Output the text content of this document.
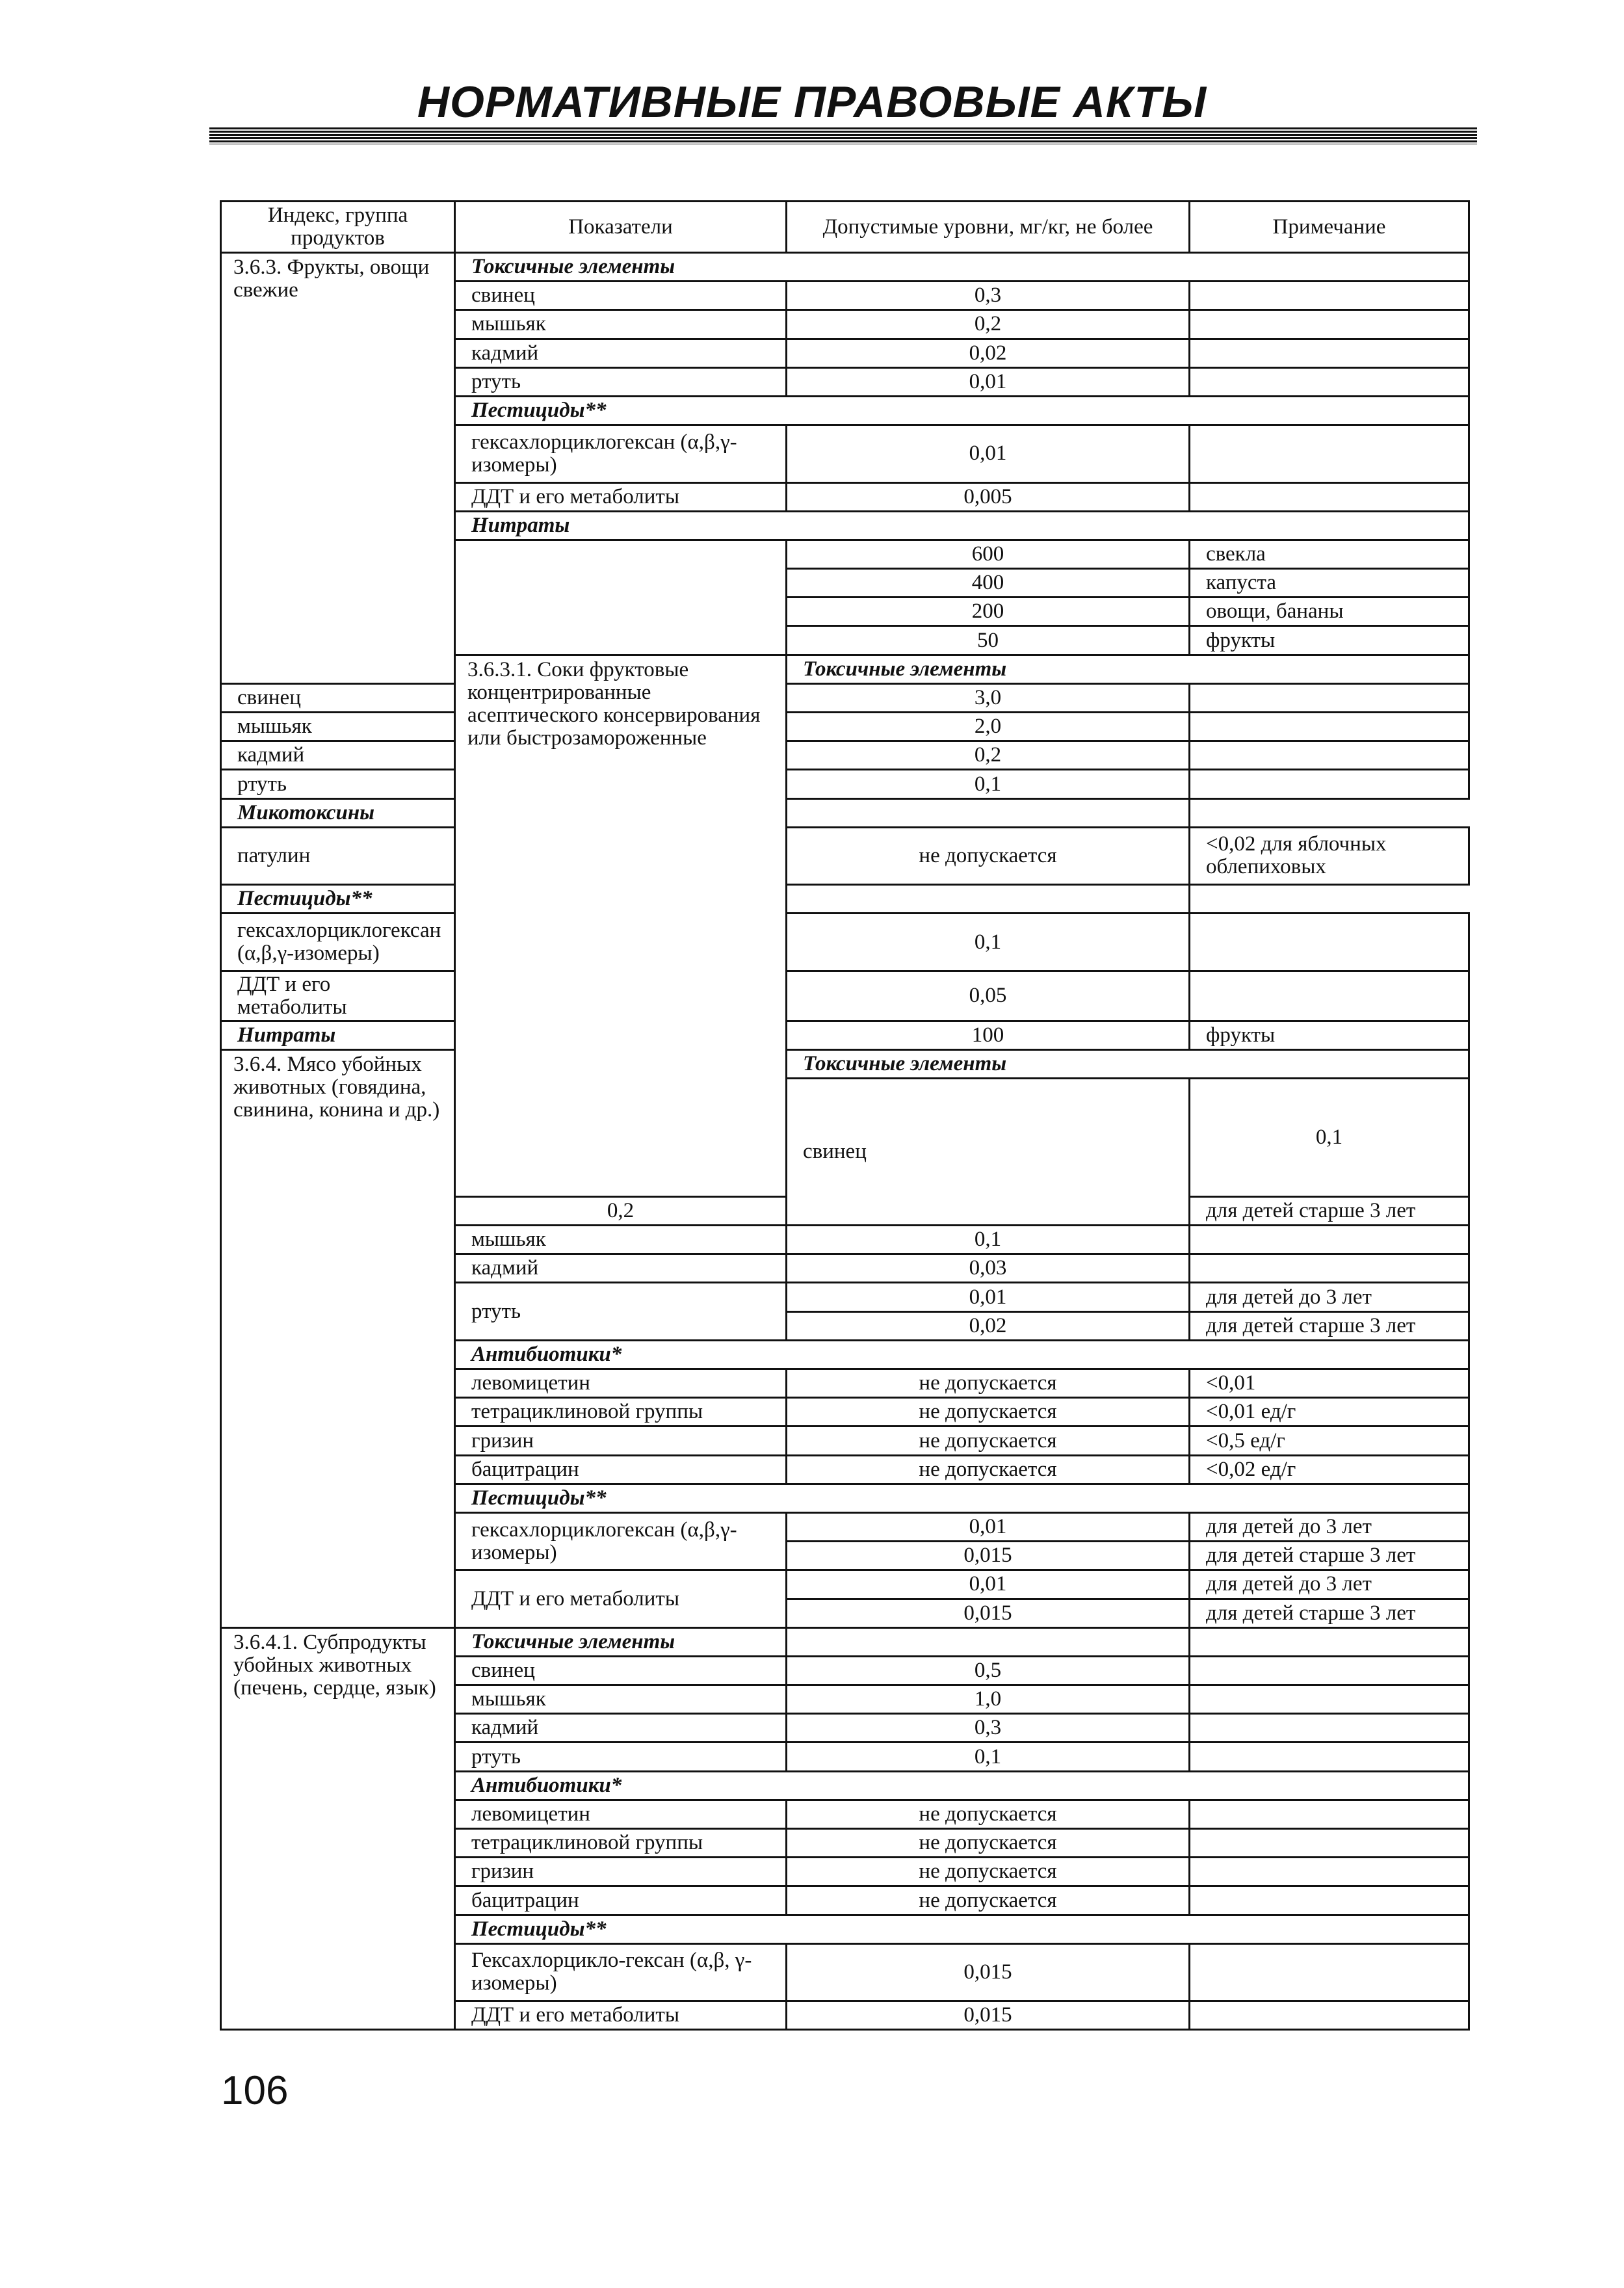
НОРМАТИВНЫЕ ПРАВОВЫЕ АКТЫ
Индекс, группа продуктов	Показатели	Допустимые уровни, мг/кг, не более	Примечание	
3.6.3. Фрукты, овощи свежие	Токсичные элементы			
	свинец	0,3		
	мышьяк	0,2		
	кадмий	0,02		
	ртуть	0,01		
	Пестициды**			
	гексахлорциклогексан (α,β,γ-изомеры)	0,01		
	ДДТ и его метаболиты	0,005		
	Нитраты			
		600	свекла	
		400	капуста	
		200	овощи, бананы	
		50	фрукты	
	3.6.3.1. Соки фруктовые концентрированные асептического консервирования или быстрозамороженные	Токсичные элементы		
свинец		3,0		
мышьяк		2,0		
кадмий		0,2		
ртуть		0,1		
Микотоксины				
патулин		не допускается	<0,02 для яблочных облепиховых	
Пестициды**				
гексахлорциклогексан (α,β,γ-изомеры)		0,1		
ДДТ и его метаболиты		0,05		
Нитраты		100	фрукты	
3.6.4. Мясо убойных животных (говядина, свинина, конина и др.)		Токсичные элементы		
		свинец	0,1	
	0,2		для детей старше 3 лет	
	мышьяк	0,1		
	кадмий	0,03		
	ртуть	0,01	для детей до 3 лет	
		0,02	для детей старше 3 лет	
	Антибиотики*			
	левомицетин	не допускается	<0,01	
	тетрациклиновой группы	не допускается	<0,01 ед/г	
	гризин	не допускается	<0,5 ед/г	
	бацитрацин	не допускается	<0,02 ед/г	
	Пестициды**			
	гексахлорциклогексан (α,β,γ-изомеры)	0,01	для детей до 3 лет	
		0,015	для детей старше 3 лет	
	ДДТ и его метаболиты	0,01	для детей до 3 лет	
		0,015	для детей старше 3 лет	
3.6.4.1. Субпродукты убойных животных (печень, сердце, язык)	Токсичные элементы			
	свинец	0,5		
	мышьяк	1,0		
	кадмий	0,3		
	ртуть	0,1		
	Антибиотики*			
	левомицетин	не допускается		
	тетрациклиновой группы	не допускается		
	гризин	не допускается		
	бацитрацин	не допускается		
	Пестициды**			
	Гексахлорцикло-гексан (α,β, γ-изомеры)	0,015		
	ДДТ и его метаболиты	0,015		
106
